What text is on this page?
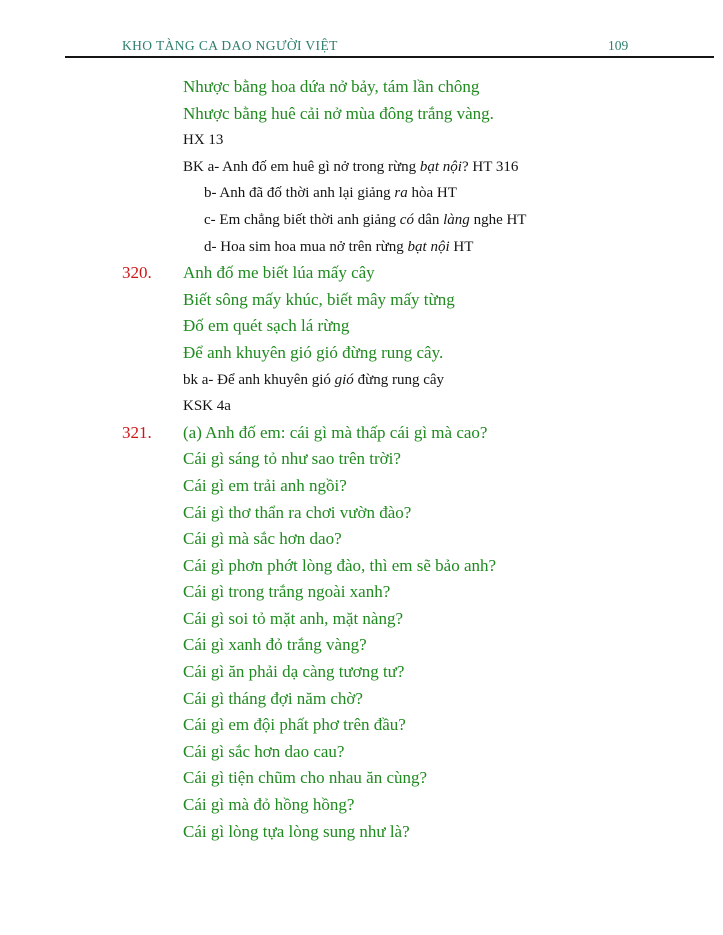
KHO TÀNG CA DAO NGƯỜI VIỆT	109
Nhược bằng hoa dứa nở bảy, tám lần chông
Nhược bằng huê cải nở mùa đông trắng vàng.
HX 13
BK a- Anh đố em huê gì nở trong rừng bạt nội? HT 316
b- Anh đã đố thời anh lại giảng ra hòa HT
c- Em chẳng biết thời anh giảng có dân làng nghe HT
d- Hoa sim hoa mua nở trên rừng bạt nội HT
320.	Anh đố me biết lúa mấy cây
Biết sông mấy khúc, biết mây mấy từng
Đố em quét sạch lá rừng
Để anh khuyên gió gió đừng rung cây.
bk a- Để anh khuyên gió gió đừng rung cây
KSK 4a
321.	(a) Anh đố em: cái gì mà thấp cái gì mà cao?
Cái gì sáng tỏ như sao trên trời?
Cái gì em trải anh ngồi?
Cái gì thơ thẩn ra chơi vườn đào?
Cái gì mà sắc hơn dao?
Cái gì phơn phớt lòng đào, thì em sẽ bảo anh?
Cái gì trong trắng ngoài xanh?
Cái gì soi tỏ mặt anh, mặt nàng?
Cái gì xanh đỏ trắng vàng?
Cái gì ăn phải dạ càng tương tư?
Cái gì tháng đợi năm chờ?
Cái gì em đội phất phơ trên đầu?
Cái gì sắc hơn dao cau?
Cái gì tiện chũm cho nhau ăn cùng?
Cái gì mà đỏ hồng hồng?
Cái gì lòng tựa lòng sung như là?
